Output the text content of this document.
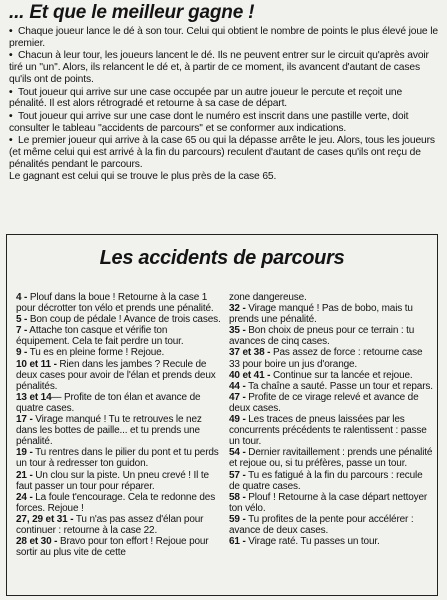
... Et que le meilleur gagne !

• Chaque joueur lance le dé à son tour. Celui qui obtient le nombre de points le plus élevé joue le premier.

• Chacun à leur tour, les joueurs lancent le dé. Ils ne peuvent entrer sur le circuit qu'après avoir tiré un ''un''. Alors, ils relancent le dé et, à partir de ce moment, ils avancent d'autant de cases qu'ils ont de points.

• Tout joueur qui arrive sur une case occupée par un autre joueur le percute et reçoit une pénalité. Il est alors rétrogradé et retourne à sa case de départ.

• Tout joueur qui arrive sur une case dont le numéro est inscrit dans une pastille verte, doit consulter le tableau ''accidents de parcours'' et se conformer aux indications.

• Le premier joueur qui arrive à la case 65 ou qui la dépasse arrête le jeu. Alors, tous les joueurs (et même celui qui est arrivé à la fin du parcours) reculent d'autant de cases qu'ils ont reçu de pénalités pendant le parcours.

Le gagnant est celui qui se trouve le plus près de la case 65.

Les accidents de parcours

4 - Plouf dans la boue ! Retourne à la case 1 pour décrotter ton vélo et prends une pénalité.

5 - Bon coup de pédale ! Avance de trois cases.

7 - Attache ton casque et vérifie ton équipement. Cela te fait perdre un tour.

9 - Tu es en pleine forme ! Rejoue.

10 et 11 - Rien dans les jambes ? Recule de deux cases pour avoir de l'élan et prends deux pénalités.

13 et 14— Profite de ton élan et avance de quatre cases.

17 - Virage manqué ! Tu te retrouves le nez dans les bottes de paille... et tu prends une pénalité.

19 - Tu rentres dans le pilier du pont et tu perds un tour à redresser ton guidon.

21 - Un clou sur la piste. Un pneu crevé ! Il te faut passer un tour pour réparer.

24 - La foule t'encourage. Cela te redonne des forces. Rejoue !

27, 29 et 31 - Tu n'as pas assez d'élan pour continuer : retourne à la case 22.

28 et 30 - Bravo pour ton effort ! Rejoue pour sortir au plus vite de cette

zone dangereuse.

32 - Virage manqué ! Pas de bobo, mais tu prends une pénalité.

35 - Bon choix de pneus pour ce terrain : tu avances de cinq cases.

37 et 38 - Pas assez de force : retourne case 33 pour boire un jus d'orange.

40 et 41 - Continue sur ta lancée et rejoue.

44 - Ta chaîne a sauté. Passe un tour et repars.

47 - Profite de ce virage relevé et avance de deux cases.

49 - Les traces de pneus laissées par les concurrents précédents te ralentissent : passe un tour.

54 - Dernier ravitaillement : prends une pénalité et rejoue ou, si tu préfères, passe un tour.

57 - Tu es fatigué à la fin du parcours : recule de quatre cases.

58 - Plouf ! Retourne à la case départ nettoyer ton vélo.

59 - Tu profites de la pente pour accélérer : avance de deux cases.

61 - Virage raté. Tu passes un tour.
